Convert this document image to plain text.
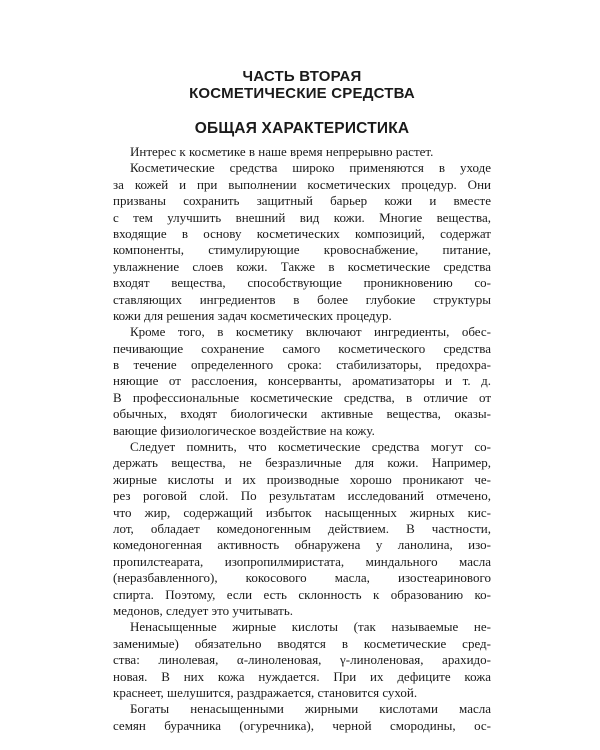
ЧАСТЬ ВТОРАЯ
КОСМЕТИЧЕСКИЕ СРЕДСТВА
ОБЩАЯ ХАРАКТЕРИСТИКА

Интерес к косметике в наше время непрерывно растет.

Косметические средства широко применяются в уходе
за кожей и при выполнении косметических процедур. Они
призваны сохранить защитный барьер кожи и вместе
с тем улучшить внешний вид кожи. Многие вещества,
входящие в основу косметических композиций, содержат
компоненты, стимулирующие кровоснабжение, питание,
увлажнение слоев кожи. Также в косметические средства
входят вещества, способствующие проникновению со-
ставляющих ингредиентов в более глубокие структуры
кожи для решения задач косметических процедур.

Кроме того, в косметику включают ингредиенты, обес-
печивающие сохранение самого косметического средства
в течение определенного срока: стабилизаторы, предохра-
няющие от расслоения, консерванты, ароматизаторы и т. д.
В профессиональные косметические средства, в отличие от
обычных, входят биологически активные вещества, оказы-
вающие физиологическое воздействие на кожу.

Следует помнить, что косметические средства могут со-
держать вещества, не безразличные для кожи. Например,
жирные кислоты и их производные хорошо проникают че-
рез роговой слой. По результатам исследований отмечено,
что жир, содержащий избыток насыщенных жирных кис-
лот, обладает комедоногенным действием. В частности,
комедоногенная активность обнаружена у ланолина, изо-
пропилстеарата, изопропилмиристата, миндального масла
(неразбавленного), кокосового масла, изостеаринового
спирта. Поэтому, если есть склонность к образованию ко-
медонов, следует это учитывать.

Ненасыщенные жирные кислоты (так называемые не-
заменимые) обязательно вводятся в косметические сред-
ства: линолевая, α-линоленовая, γ-линоленовая, арахидо-
новая. В них кожа нуждается. При их дефиците кожа
краснеет, шелушится, раздражается, становится сухой.

Богаты ненасыщенными жирными кислотами масла
семян бурачника (огуречника), черной смородины, ос-
